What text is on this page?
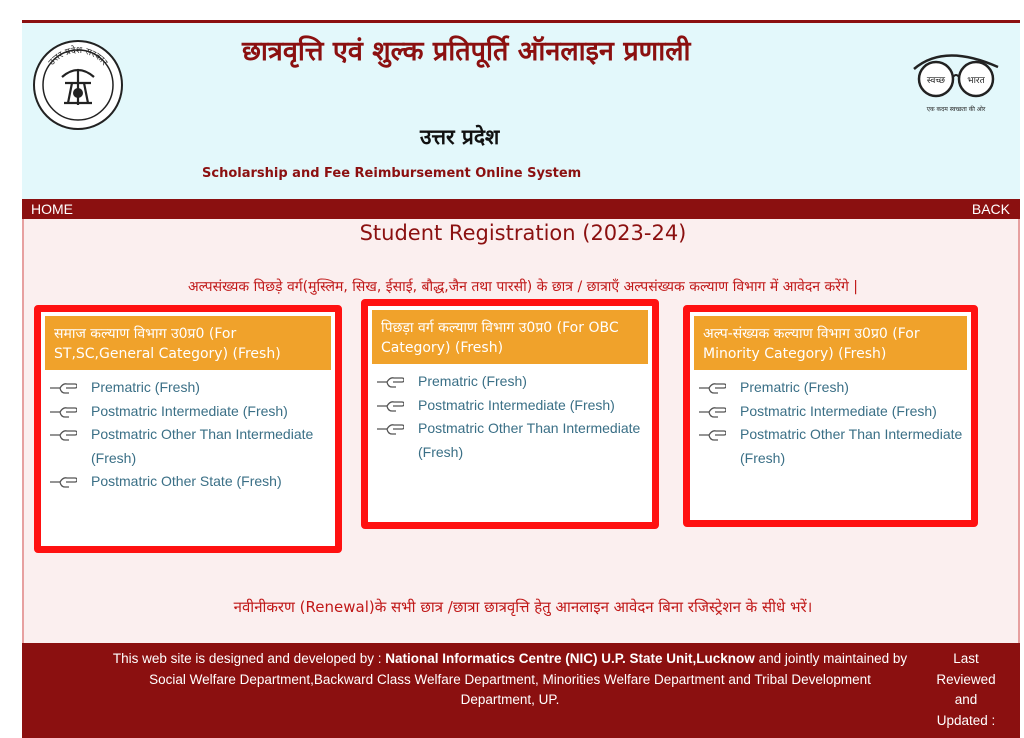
उत्तर प्रदेश सरकार	छात्रवृत्ति एवं शुल्क प्रतिपूर्ति ऑनलाइन प्रणाली
उत्तर प्रदेश
Scholarship and Fee Reimbursement Online System
स्वच्छ भारत
एक कदम स्वच्छता की ओर
HOME	BACK
Student Registration (2023-24)
अल्पसंख्यक पिछड़े वर्ग(मुस्लिम, सिख, ईसाई, बौद्ध,जैन तथा पारसी) के छात्र / छात्राएँ अल्पसंख्यक कल्याण विभाग में आवेदन करेंगे |
नवीनीकरण (Renewal)के सभी छात्र /छात्रा छात्रवृत्ति हेतु आनलाइन आवेदन बिना रजिस्ट्रेशन के सीधे भरें।
समाज कल्याण विभाग उ0प्र0 (For ST,SC,General Category) (Fresh)
Prematric (Fresh)
Postmatric Intermediate (Fresh)
Postmatric Other Than Intermediate (Fresh)
Postmatric Other State (Fresh)
पिछड़ा वर्ग कल्याण विभाग उ0प्र0 (For OBC Category) (Fresh)
Prematric (Fresh)
Postmatric Intermediate (Fresh)
Postmatric Other Than Intermediate (Fresh)
अल्प-संख्यक कल्याण विभाग उ0प्र0 (For Minority Category) (Fresh)
Prematric (Fresh)
Postmatric Intermediate (Fresh)
Postmatric Other Than Intermediate (Fresh)
This web site is designed and developed by : National Informatics Centre (NIC) U.P. State Unit,Lucknow and jointly maintained by Social Welfare Department,Backward Class Welfare Department, Minorities Welfare Department and Tribal Development Department, UP.
Last Reviewed and Updated :
